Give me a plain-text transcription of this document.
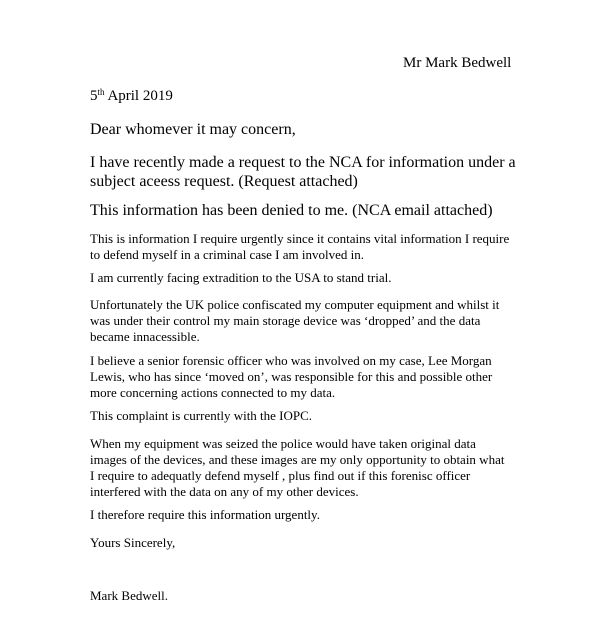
Mr Mark Bedwell
5th April 2019
Dear whomever it may concern,
I have recently made a request to the NCA for information under a subject aceess request. (Request attached)
This information has been denied to me. (NCA email attached)
This is information I require urgently since it contains vital information I require to defend myself in a criminal case I am involved in.
I am currently facing extradition to the USA to stand trial.
Unfortunately the UK police confiscated my computer equipment and whilst it was under their control my main storage device was ‘dropped’ and the data became innacessible.
I believe a senior forensic officer who was involved on my case, Lee Morgan Lewis, who has since ‘moved on’, was responsible for this and possible other more concerning actions connected to my data.
This complaint is currently with the IOPC.
When my equipment was seized the police would have taken original data images of the devices, and these images are my only opportunity to obtain what I require to adequatly defend myself , plus find out if this forenisc officer interfered with the data on any of my other devices.
I therefore require this information urgently.
Yours Sincerely,
Mark Bedwell.
